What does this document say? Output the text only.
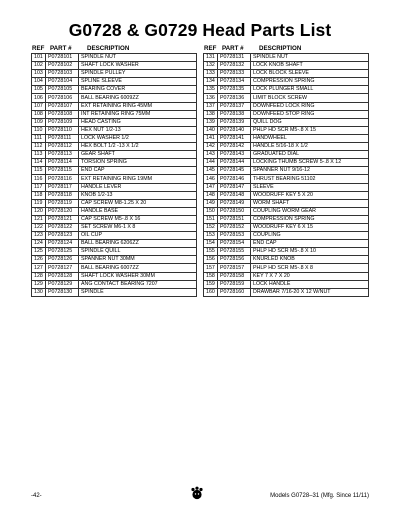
G0728 & G0729 Head Parts List
REF PART #	DESCRIPTION
101	P0728101	SPINDLE NUT
102	P0728102	SHAFT LOCK WASHER
103	P0728103	SPINDLE PULLEY
104	P0728104	SPLINE SLEEVE
105	P0728105	BEARING COVER
106	P0728106	BALL BEARING 6009ZZ
107	P0728107	EXT RETAINING RING 45MM
108	P0728108	INT RETAINING RING 75MM
109	P0728109	HEAD CASTING
110	P0728110	HEX NUT 1/2-13
111	P0728111	LOCK WASHER 1/2
112	P0728112	HEX BOLT 1/2 -13 X 1/2
113	P0728113	GEAR SHAFT
114	P0728114	TORSION SPRING
115	P0728115	END CAP
116	P0728116	EXT RETAINING RING 19MM
117	P0728117	HANDLE LEVER
118	P0728118	KNOB 1/2-13
119	P0728119	CAP SCREW M8-1.25 X 20
120	P0728120	HANDLE BASE
121	P0728121	CAP SCREW M5-.8 X 16
122	P0728122	SET SCREW M6-1 X 8
123	P0728123	OIL CUP
124	P0728124	BALL BEARING 6206ZZ
125	P0728125	SPINDLE QUILL
126	P0728126	SPANNER NUT 30MM
127	P0728127	BALL BEARING 6007ZZ
128	P0728128	SHAFT LOCK WASHER 30MM
129	P0728129	ANG CONTACT BEARING 7207
130	P0728130	SPINDLE
REF PART #	DESCRIPTION
131	P0728131	SPINDLE NUT
132	P0728132	LOCK KNOB SHAFT
133	P0728133	LOCK BLOCK SLEEVE
134	P0728134	COMPRESSION SPRING
135	P0728135	LOCK PLUNGER SMALL
136	P0728136	LIMIT BLOCK SCREW
137	P0728137	DOWNFEED LOCK RING
138	P0728138	DOWNFEED STOP RING
139	P0728139	QUILL DOG
140	P0728140	PHLP HD SCR M5-.8 X 15
141	P0728141	HANDWHEEL
142	P0728142	HANDLE 5/16-18 X 1/2
143	P0728143	GRADUATED DIAL
144	P0728144	LOCKING THUMB SCREW 5-.8 X 12
145	P0728145	SPANNER NUT 9/16-12
146	P0728146	THRUST BEARING 51102
147	P0728147	SLEEVE
148	P0728148	WOODRUFF KEY 5 X 20
149	P0728149	WORM SHAFT
150	P0728150	COUPLING WORM GEAR
151	P0728151	COMPRESSION SPRING
152	P0728152	WOODRUFF KEY 6 X 15
153	P0728153	COUPLING
154	P0728154	END CAP
155	P0728155	PHLP HD SCR M5-.8 X 10
156	P0728156	KNURLED KNOB
157	P0728157	PHLP HD SCR M5-.8 X 8
158	P0728158	KEY 7 X 7 X 20
159	P0728159	LOCK HANDLE
160	P0728160	DRAWBAR 7/16-20 X 12 W/NUT
-42-	Models G0728–31 (Mfg. Since 11/11)
